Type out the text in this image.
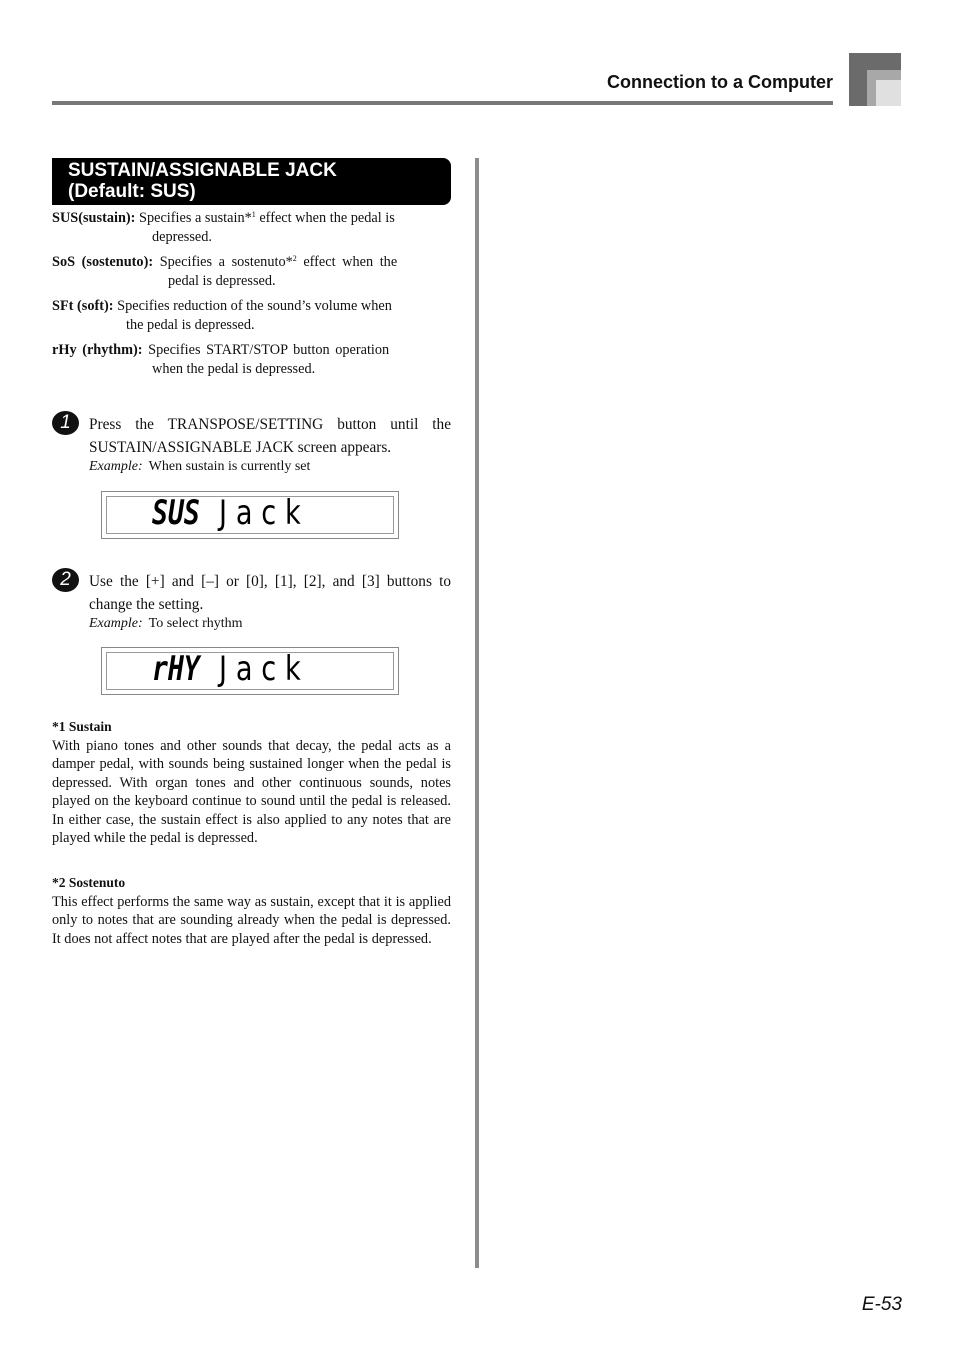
Connection to a Computer
SUSTAIN/ASSIGNABLE JACK
(Default: SUS)
SUS(sustain): Specifies a sustain*$^1$ effect when the pedal is
depressed.
SoS (sostenuto): Specifies a sostenuto*$^2$ effect when the
pedal is depressed.
SFt (soft): Specifies reduction of the sound’s volume when
the pedal is depressed.
rHy (rhythm): Specifies START/STOP button operation
when the pedal is depressed.
1	Press the TRANSPOSE/SETTING button until the SUSTAIN/ASSIGNABLE JACK screen appears.
Example: When sustain is currently set
SUS Jack
2	Use the [+] and [–] or [0], [1], [2], and [3] buttons to change the setting.
Example: To select rhythm
rHY Jack
*1 Sustain
With piano tones and other sounds that decay, the pedal acts as a damper pedal, with sounds being sustained longer when the pedal is depressed. With organ tones and other continuous sounds, notes played on the keyboard continue to sound until the pedal is released. In either case, the sustain effect is also applied to any notes that are played while the pedal is depressed.
*2 Sostenuto
This effect performs the same way as sustain, except that it is applied only to notes that are sounding already when the pedal is depressed. It does not affect notes that are played after the pedal is depressed.
E-53
